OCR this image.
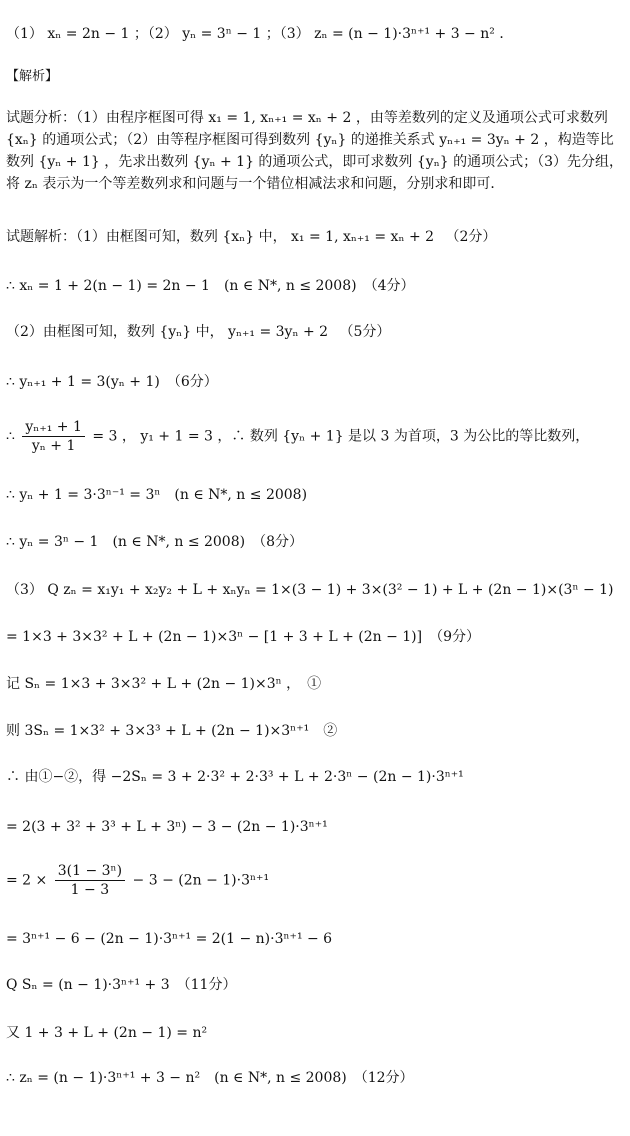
（1） xₙ = 2n − 1 ；（2） yₙ = 3ⁿ − 1 ；（3） zₙ = (n − 1)·3ⁿ⁺¹ + 3 − n² ．
【解析】
试题分析：（1）由程序框图可得 x₁ = 1, xₙ₊₁ = xₙ + 2 ，由等差数列的定义及通项公式可求数列 {xₙ} 的通项公式；（2）由等程序框图可得到数列 {yₙ} 的递推关系式 yₙ₊₁ = 3yₙ + 2 ，构造等比数列 {yₙ + 1} ，先求出数列 {yₙ + 1} 的通项公式，即可求数列 {yₙ} 的通项公式；（3）先分组，将 zₙ 表示为一个等差数列求和问题与一个错位相减法求和问题，分别求和即可．
试题解析：（1）由框图可知，数列 {xₙ} 中， x₁ = 1, xₙ₊₁ = xₙ + 2 　（2分）
∴ xₙ = 1 + 2(n − 1) = 2n − 1　(n ∈ N*, n ≤ 2008)　（4分）
（2）由框图可知，数列 {yₙ} 中， yₙ₊₁ = 3yₙ + 2 　（5分）
∴ yₙ₊₁ + 1 = 3(yₙ + 1)　（6分）
∴ $\frac{\text{yₙ₊₁ + 1}}{\text{yₙ + 1}} = 3$ ， y₁ + 1 = 3 ，∴ 数列 {yₙ + 1} 是以 3 为首项，3 为公比的等比数列，
∴ yₙ + 1 = 3·3ⁿ⁻¹ = 3ⁿ　(n ∈ N*, n ≤ 2008)
∴ yₙ = 3ⁿ − 1　(n ∈ N*, n ≤ 2008)　（8分）
（3） Q zₙ = x₁y₁ + x₂y₂ + L + xₙyₙ = 1×(3 − 1) + 3×(3² − 1) + L + (2n − 1)×(3ⁿ − 1)
= 1×3 + 3×3² + L + (2n − 1)×3ⁿ − [1 + 3 + L + (2n − 1)]　（9分）
记 Sₙ = 1×3 + 3×3² + L + (2n − 1)×3ⁿ ，　①
则 3Sₙ = 1×3² + 3×3³ + L + (2n − 1)×3ⁿ⁺¹　②
∴ 由①−②，得 −2Sₙ = 3 + 2·3² + 2·3³ + L + 2·3ⁿ − (2n − 1)·3ⁿ⁺¹
= 2(3 + 3² + 3³ + L + 3ⁿ) − 3 − (2n − 1)·3ⁿ⁺¹
= $2 \times \frac{\text{3(1 − 3ⁿ)}}{1 - 3} - 3 - (2n - 1)\cdot 3^{n+1}$
= 3ⁿ⁺¹ − 6 − (2n − 1)·3ⁿ⁺¹ = 2(1 − n)·3ⁿ⁺¹ − 6
Q Sₙ = (n − 1)·3ⁿ⁺¹ + 3　（11分）
又 1 + 3 + L + (2n − 1) = n²
∴ zₙ = (n − 1)·3ⁿ⁺¹ + 3 − n²　(n ∈ N*, n ≤ 2008)　（12分）
